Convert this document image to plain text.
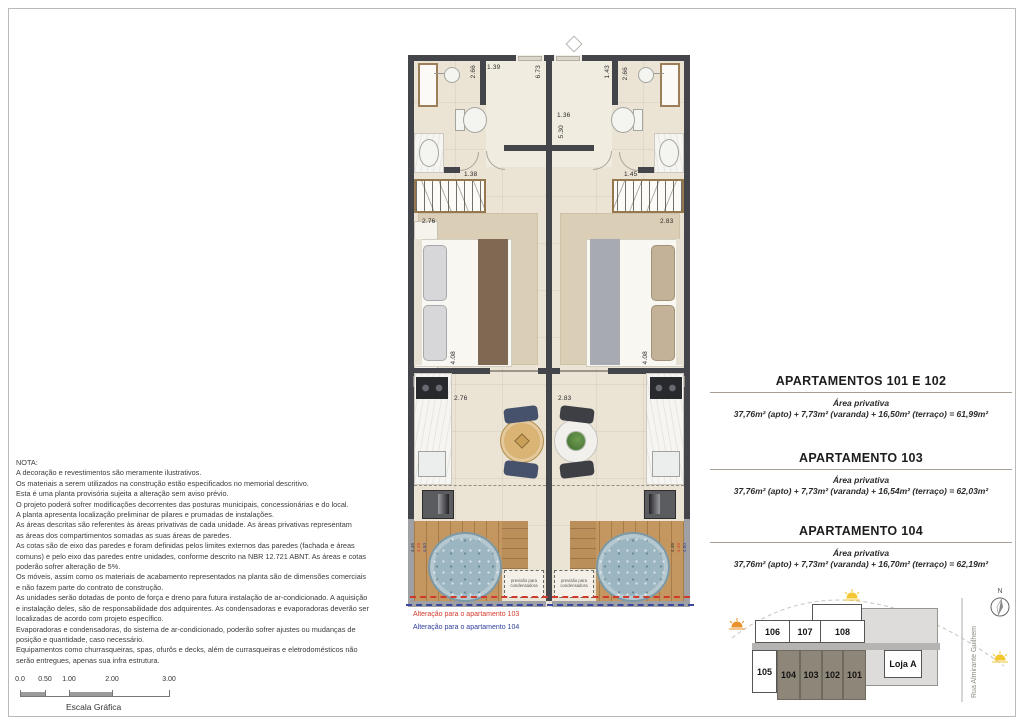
NOTA:
A decoração e revestimentos são meramente ilustrativos.
Os materiais a serem utilizados na construção estão especificados no memorial descritivo.
Esta é uma planta provisória sujeita a alteração sem aviso prévio.
O projeto poderá sofrer modificações decorrentes das posturas municipais, concessionárias e do local.
A planta apresenta localização preliminar de pilares e prumadas de instalações.
As áreas descritas são referentes às áreas privativas de cada unidade. As áreas privativas representam
as áreas dos compartimentos somadas as suas áreas de paredes.
As cotas são de eixo das paredes e foram definidas pelos limites externos das paredes (fachada e áreas
comuns) e pelo eixo das paredes entre unidades, conforme descrito na NBR 12.721 ABNT. As áreas e cotas
poderão sofrer alteração de 5%.
Os móveis, assim como os materiais de acabamento representados na planta são de dimensões comerciais
e não fazem parte do contrato de construção.
As unidades serão dotadas de ponto de força e dreno para futura instalação de ar-condicionado. A aquisição
e instalação deles, são de responsabilidade dos adquirentes. As condensadoras e evaporadoras deverão ser
localizadas de acordo com projeto específico.
Evaporadoras e condensadoras, do sistema de ar-condicionado, poderão sofrer ajustes ou mudanças de
posição e quantidade, caso necessário.
Equipamentos como churrasqueiras, spas, ofurôs e decks, além de currasqueiras e eletrodomésticos não
serão entregues, apenas sua infra estrutura.
previsão para
condensadora
previsão para
condensadora
2.66 1.39	6.73	1.43 2.66
1.36
5.30
1.38	1.45
2.76	2.83
4.08	4.08
2.76	2.83
4.46 4.49 4.50	4.46 4.49 4.50
Alteração para o apartamento 103
Alteração para o apartamento 104
APARTAMENTOS 101 E 102
Área privativa
37,76m² (apto) + 7,73m² (varanda) + 16,50m² (terraço) = 61,99m²
APARTAMENTO 103
Área privativa
37,76m² (apto) + 7,73m² (varanda) + 16,54m² (terraço) = 62,03m²
APARTAMENTO 104
Área privativa
37,76m² (apto) + 7,73m² (varanda) + 16,70m² (terraço) = 62,19m²
Rua Almirante Guilhem
N
106 107 108
105 104 103 102 101
Loja A
0.0 0.50 1.00	2.00	3.00
Escala Gráfica
